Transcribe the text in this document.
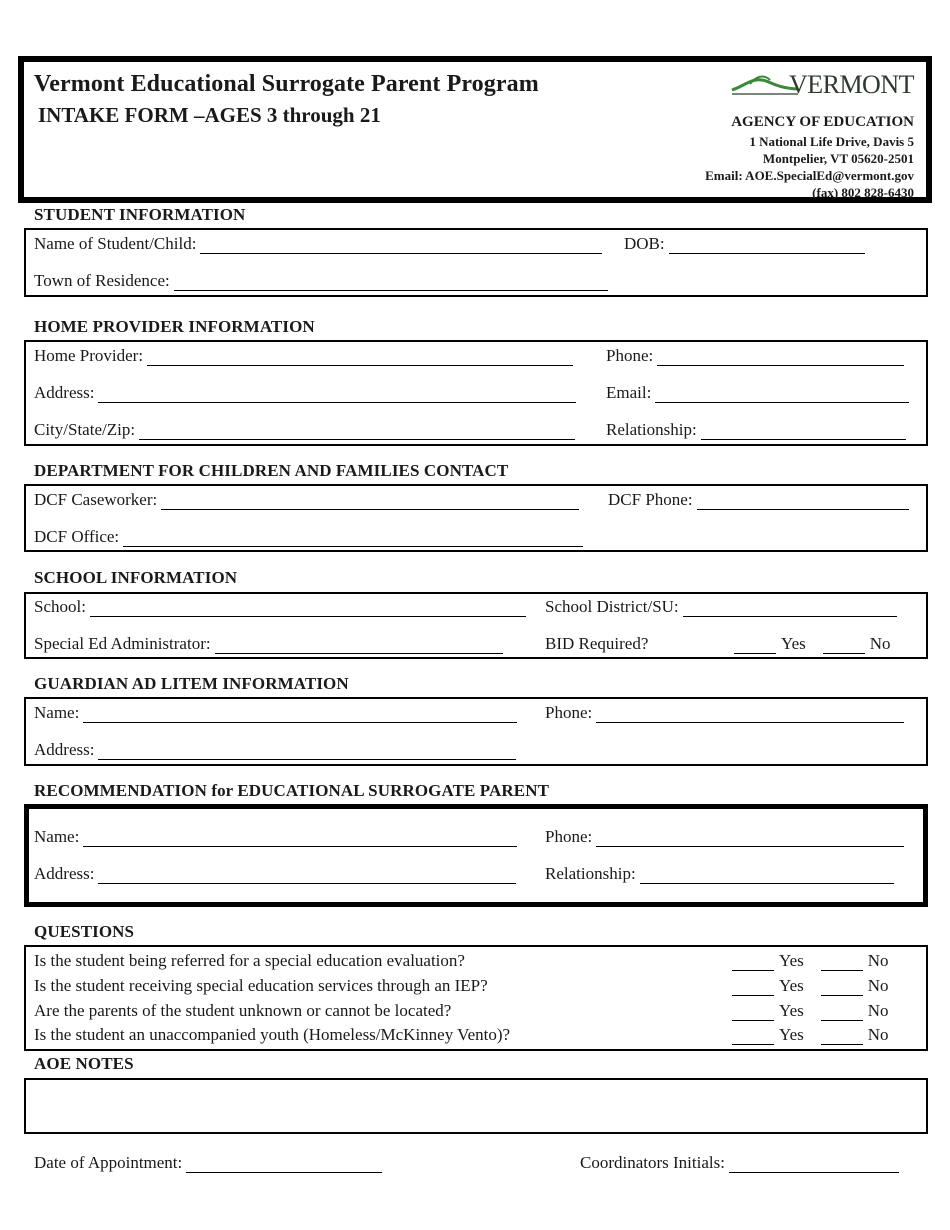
Vermont Educational Surrogate Parent Program
INTAKE FORM –AGES 3 through 21
VERMONT
AGENCY OF EDUCATION
1 National Life Drive, Davis 5
Montpelier, VT 05620-2501
Email: AOE.SpecialEd@vermont.gov
(fax) 802 828-6430
STUDENT INFORMATION
Name of Student/Child:	DOB:
Town of Residence:
HOME PROVIDER INFORMATION
Home Provider:	Phone:
Address:	Email:
City/State/Zip:	Relationship:
DEPARTMENT FOR CHILDREN AND FAMILIES CONTACT
DCF Caseworker:	DCF Phone:
DCF Office:
SCHOOL INFORMATION
School:	School District/SU:
Special Ed Administrator:	BID Required?	Yes	No
GUARDIAN AD LITEM INFORMATION
Name:	Phone:
Address:
RECOMMENDATION for EDUCATIONAL SURROGATE PARENT
Name:	Phone:
Address:	Relationship:
QUESTIONS
Is the student being referred for a special education evaluation?	Yes	No
Is the student receiving special education services through an IEP?	Yes	No
Are the parents of the student unknown or cannot be located?	Yes	No
Is the student an unaccompanied youth (Homeless/McKinney Vento)?	Yes	No
AOE NOTES
Date of Appointment:	Coordinators Initials:
